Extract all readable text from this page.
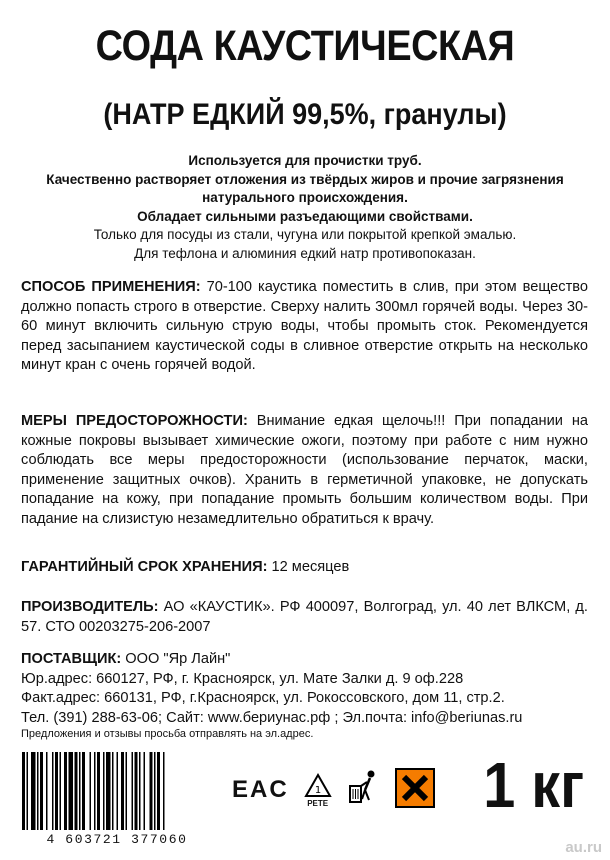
СОДА КАУСТИЧЕСКАЯ
(НАТР ЕДКИЙ 99,5%, гранулы)
Используется для прочистки труб.
Качественно растворяет отложения из твёрдых жиров и прочие загрязнения натурального происхождения.
Обладает сильными разъедающими свойствами.
Только для посуды из стали, чугуна или покрытой крепкой эмалью.
Для тефлона и алюминия едкий натр противопоказан.
СПОСОБ ПРИМЕНЕНИЯ: 70-100 каустика поместить в слив, при этом вещество должно попасть строго в отверстие. Сверху налить 300мл горячей воды. Через 30-60 минут включить сильную струю воды, чтобы промыть сток. Рекомендуется перед засыпанием каустической соды в сливное отверстие открыть на несколько минут кран с очень горячей водой.
МЕРЫ ПРЕДОСТОРОЖНОСТИ: Внимание едкая щелочь!!! При попадании на кожные покровы вызывает химические ожоги, поэтому при работе с ним нужно соблюдать все меры предосторожности (использование перчаток, маски, применение защитных очков). Хранить в герметичной упаковке, не допускать попадание на кожу, при попадание промыть большим количеством воды. При падание на слизистую незамедлительно обратиться к врачу.
ГАРАНТИЙНЫЙ СРОК ХРАНЕНИЯ: 12 месяцев
ПРОИЗВОДИТЕЛЬ: АО «КАУСТИК». РФ 400097, Волгоград, ул. 40 лет ВЛКСМ, д. 57. СТО 00203275-206-2007
ПОСТАВЩИК: ООО "Яр Лайн"
Юр.адрес: 660127, РФ, г. Красноярск, ул. Мате Залки д. 9 оф.228
Факт.адрес: 660131, РФ, г.Красноярск, ул. Рокоссовского, дом 11, стр.2.
Тел. (391) 288-63-06; Сайт: www.бериунас.рф ; Эл.почта: info@beriunas.ru
Предложения и отзывы просьба отправлять на эл.адрес.
4 603721 377060
EAC	1
PETE 1 кг
au.ru
